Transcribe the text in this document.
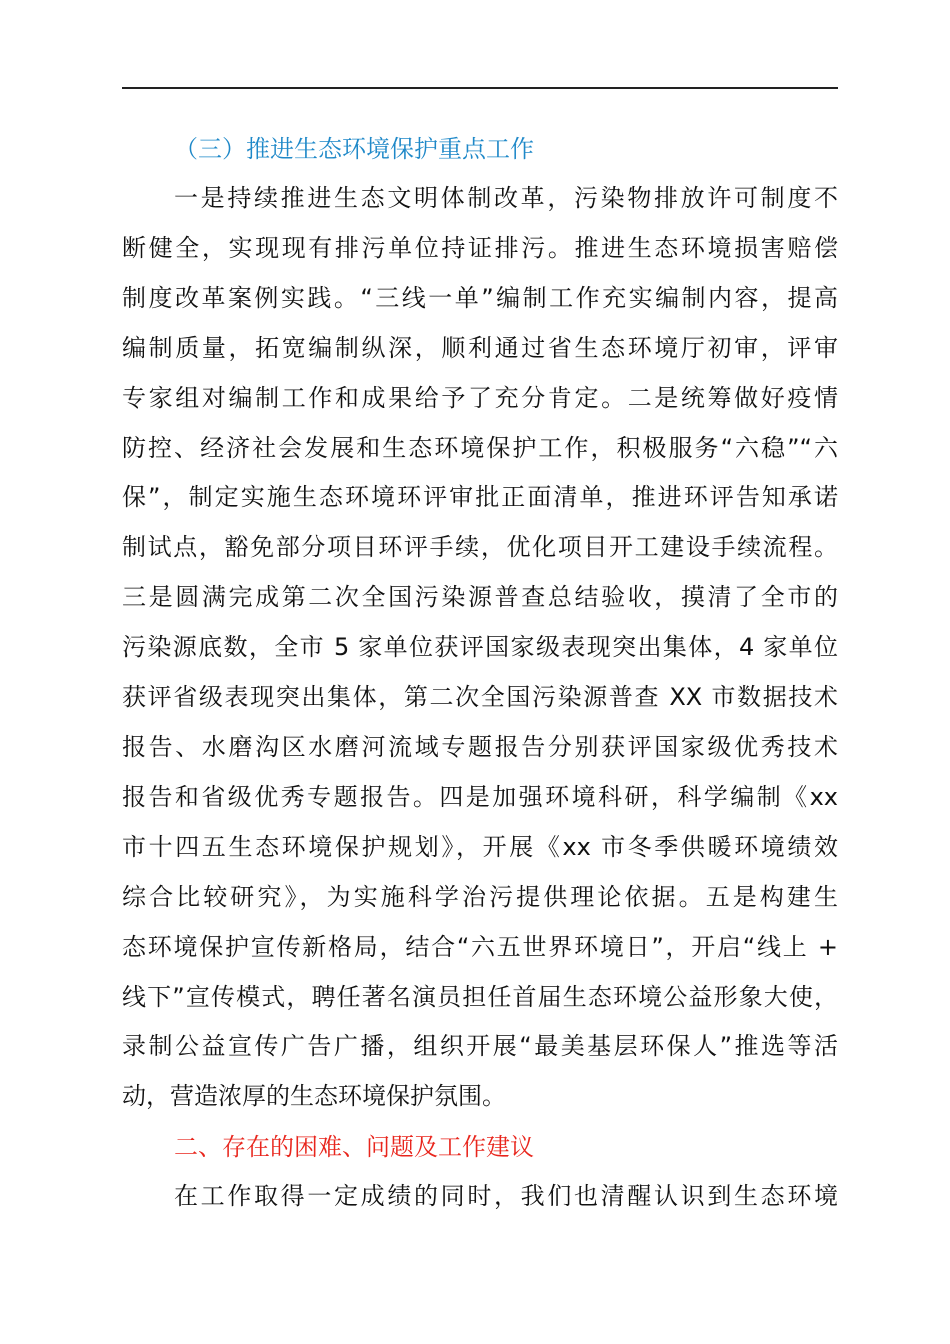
（三）推进生态环境保护重点工作

一是持续推进生态文明体制改革，污染物排放许可制度不
断健全，实现现有排污单位持证排污。推进生态环境损害赔偿
制度改革案例实践。“三线一单”编制工作充实编制内容，提高
编制质量，拓宽编制纵深，顺利通过省生态环境厅初审，评审
专家组对编制工作和成果给予了充分肯定。二是统筹做好疫情
防控、经济社会发展和生态环境保护工作，积极服务“六稳”“六
保”，制定实施生态环境环评审批正面清单，推进环评告知承诺
制试点，豁免部分项目环评手续，优化项目开工建设手续流程。
三是圆满完成第二次全国污染源普查总结验收，摸清了全市的
污染源底数，全市 5 家单位获评国家级表现突出集体，4 家单位
获评省级表现突出集体，第二次全国污染源普查 XX 市数据技术
报告、水磨沟区水磨河流域专题报告分别获评国家级优秀技术
报告和省级优秀专题报告。四是加强环境科研，科学编制《xx
市十四五生态环境保护规划》，开展《xx 市冬季供暖环境绩效
综合比较研究》，为实施科学治污提供理论依据。五是构建生
态环境保护宣传新格局，结合“六五世界环境日”，开启“线上 +
线下”宣传模式，聘任著名演员担任首届生态环境公益形象大使，
录制公益宣传广告广播，组织开展“最美基层环保人”推选等活
动，营造浓厚的生态环境保护氛围。

二、存在的困难、问题及工作建议

在工作取得一定成绩的同时，我们也清醒认识到生态环境
